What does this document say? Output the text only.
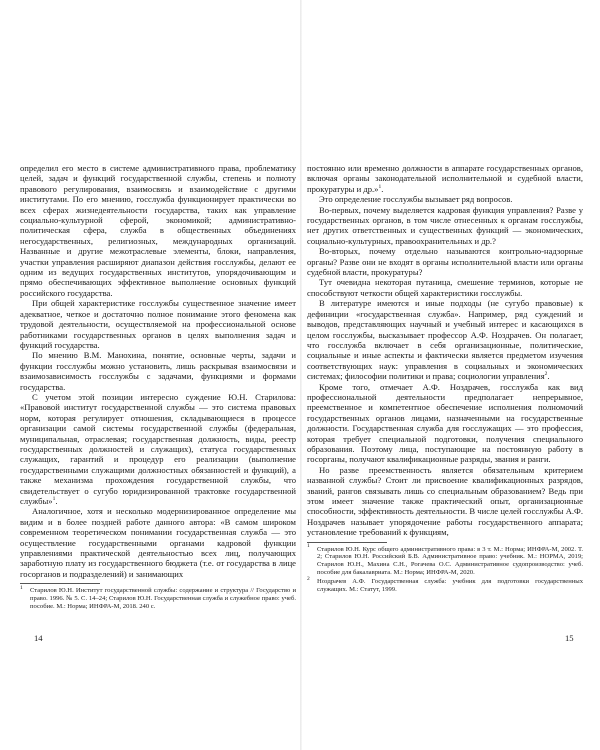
определил его место в системе административного права, проблематику целей, задач и функций государственной службы, степень и полноту правового регулирования, взаимосвязь и взаимодействие с другими институтами. По его мнению, госслужба функционирует практически во всех сферах жизнедеятельности государства, таких как управление социально-культурной сферой, экономикой; административно-политическая сфера, служба в общественных объединениях негосударственных, религиозных, международных организаций. Названные и другие межотраслевые элементы, блоки, направления, участки управления расширяют диапазон действия госслужбы, делают ее одним из ведущих государственных институтов, упорядочивающим и прямо обеспечивающих эффективное выполнение основных функций российского государства.

При общей характеристике госслужбы существенное значение имеет адекватное, четкое и достаточно полное понимание этого феномена как трудовой деятельности, осуществляемой на профессиональной основе работниками государственных органов в целях выполнения задач и функций государства.

По мнению В.М. Манохина, понятие, основные черты, задачи и функции госслужбы можно установить, лишь раскрывая взаимосвязи и взаимозависимость госслужбы с задачами, функциями и формами государства.

С учетом этой позиции интересно суждение Ю.Н. Старилова: «Правовой институт государственной службы — это система правовых норм, которая регулирует отношения, складывающиеся в процессе организации самой системы государственной службы (федеральная, муниципальная, отраслевая; государственная должность, виды, реестр государственных должностей и служащих), статуса государственных служащих, гарантий и процедур его реализации (выполнение государственными служащими должностных обязанностей и функций), а также механизма прохождения государственной службы, что свидетельствует о сугубо юридизированной трактовке государственной службы»$^1$.

Аналогичное, хотя и несколько модернизированное определение мы видим и в более поздней работе данного автора: «В самом широком современном теоретическом понимании государственная служба — это осуществление государственными органами кадровой функции управлениями практической деятельностью всех лиц, получающих заработную плату из государственного бюджета (т.е. от государства в лице госорганов и подразделений) и занимающих

1 Старилов Ю.Н. Институт государственной службы: содержание и структура // Государство и право. 1996. № 5. С. 14–24; Старилов Ю.Н. Государственная служба и служебное право: учеб. пособие. М.: Норма; ИНФРА-М, 2018. 240 с.

14

постоянно или временно должности в аппарате государственных органов, включая органы законодательной исполнительной и судебной власти, прокуратуры и др.»$^1$.

Это определение госслужбы вызывает ряд вопросов.

Во-первых, почему выделяется кадровая функция управления? Разве у государственных органов, в том числе отнесенных к органам госслужбы, нет других ответственных и существенных функций — экономических, социально-культурных, правоохранительных и др.?

Во-вторых, почему отдельно называются контрольно-надзорные органы? Разве они не входят в органы исполнительной власти или органы судебной власти, прокуратуры?

Тут очевидна некоторая путаница, смешение терминов, которые не способствуют четкости общей характеристики госслужбы.

В литературе имеются и иные подходы (не сугубо правовые) к дефиниции «государственная служба». Например, ряд суждений и выводов, представляющих научный и учебный интерес и касающихся в целом госслужбы, высказывает профессор А.Ф. Ноздрачев. Он полагает, что госслужба включает в себя организационные, политические, социальные и иные аспекты и фактически является предметом изучения соответствующих наук: управления в социальных и экономических системах; философии политики и права; социологии управления$^2$.

Кроме того, отмечает А.Ф. Ноздрачев, госслужба как вид профессиональной деятельности предполагает непрерывное, преемственное и компетентное обеспечение исполнения полномочий государственных органов лицами, назначенными на государственные должности. Государственная служба для госслужащих — это профессия, которая требует специальной подготовки, получения специального образования. Поэтому лица, поступающие на постоянную работу в госорганы, получают квалификационные разряды, звания и ранги.

Но разве преемственность является обязательным критерием названной службы? Стоит ли присвоение квалификационных разрядов, званий, рангов связывать лишь со специальным образованием? Ведь при этом имеет значение также практический опыт, организационные способности, эффективность деятельности. В числе целей госслужбы А.Ф. Ноздрачев называет упорядочение работы государственного аппарата; установление требований к функциям,

1 Старилов Ю.Н. Курс общего административного права: в 3 т. М.: Норма; ИНФРА-М, 2002. Т. 2; Старилов Ю.Н. Российский Б.В. Административное право: учебник. М.: НОРМА, 2019; Старилов Ю.Н., Махина С.Н., Рогачева О.С. Административное судопроизводство: учеб. пособие для бакалавриата. М.: Норма; ИНФРА-М, 2020.

2 Ноздрачев А.Ф. Государственная служба: учебник для подготовки государственных служащих. М.: Статут, 1999.

15
